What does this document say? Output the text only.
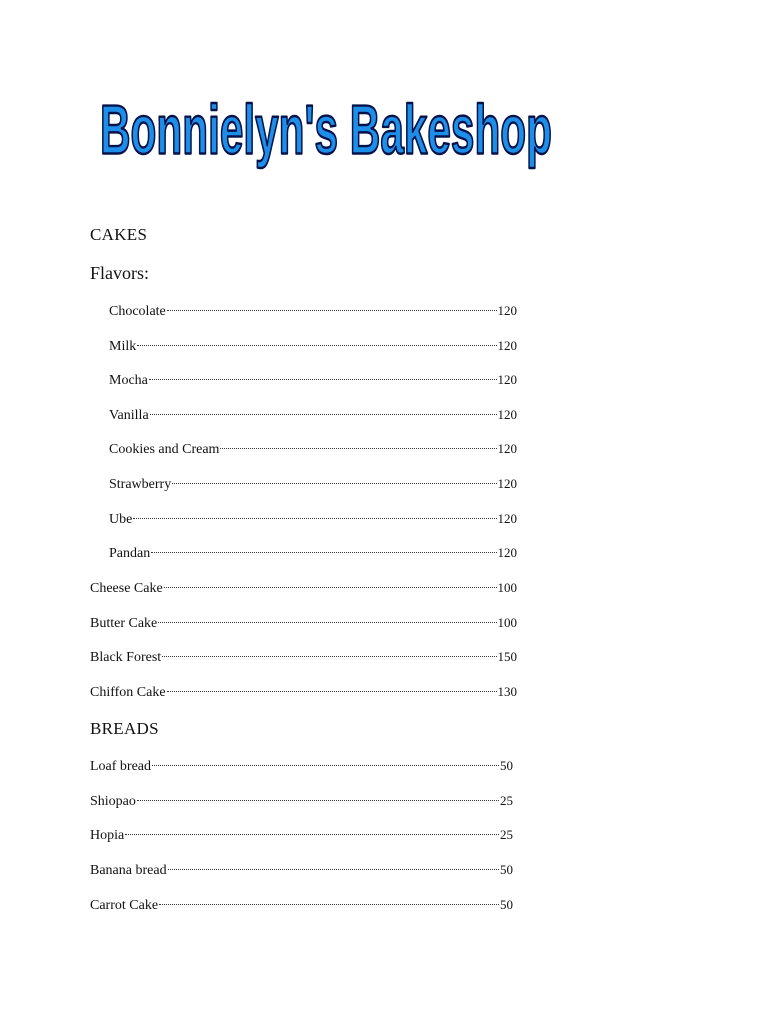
Bonnielyn's Bakeshop
CAKES
Flavors:
Chocolate	120
Milk	120
Mocha	120
Vanilla	120
Cookies and Cream	120
Strawberry	120
Ube	120
Pandan	120
Cheese Cake	100
Butter Cake	100
Black Forest	150
Chiffon Cake	130
BREADS
Loaf bread	50
Shiopao	25
Hopia	25
Banana bread	50
Carrot Cake	50
